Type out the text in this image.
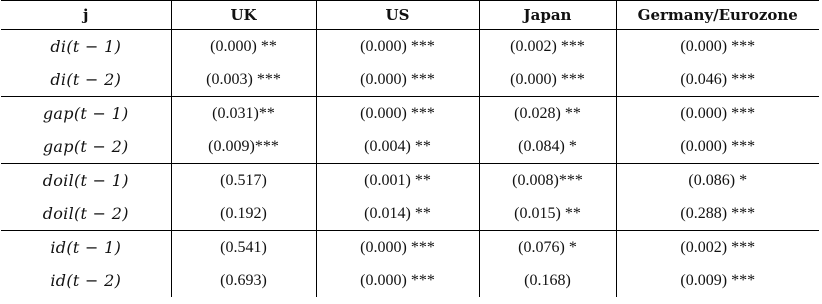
j	UK	US	Japan	Germany/Eurozone
di(t − 1)	(0.000) **	(0.000) ***	(0.002) ***	(0.000) ***
di(t − 2)	(0.003) ***	(0.000) ***	(0.000) ***	(0.046) ***
gap(t − 1)	(0.031)**	(0.000) ***	(0.028) **	(0.000) ***
gap(t − 2)	(0.009)***	(0.004) **	(0.084) *	(0.000) ***
doil(t − 1)	(0.517)	(0.001) **	(0.008)***	(0.086) *
doil(t − 2)	(0.192)	(0.014) **	(0.015) **	(0.288) ***
id(t − 1)	(0.541)	(0.000) ***	(0.076) *	(0.002) ***
id(t − 2)	(0.693)	(0.000) ***	(0.168)	(0.009) ***
